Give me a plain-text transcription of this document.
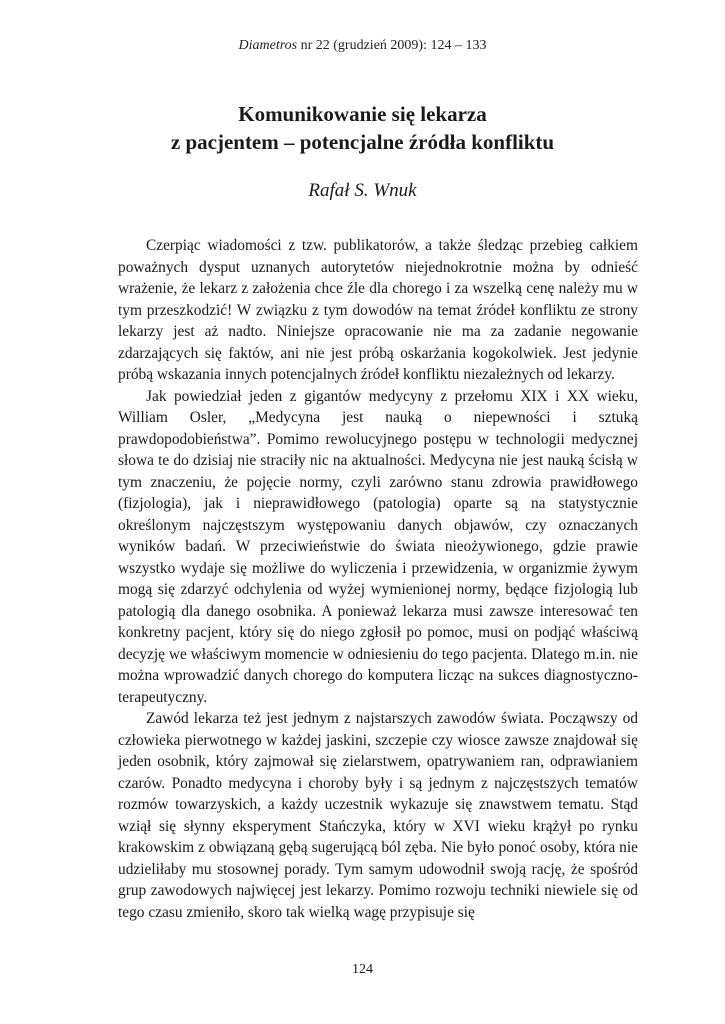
Diametros nr 22 (grudzień 2009): 124 – 133
Komunikowanie się lekarza
z pacjentem – potencjalne źródła konfliktu

Rafał S. Wnuk

Czerpiąc wiadomości z tzw. publikatorów, a także śledząc przebieg całkiem poważnych dysput uznanych autorytetów niejednokrotnie można by odnieść wrażenie, że lekarz z założenia chce źle dla chorego i za wszelką cenę należy mu w tym przeszkodzić! W związku z tym dowodów na temat źródeł konfliktu ze strony lekarzy jest aż nadto. Niniejsze opracowanie nie ma za zadanie negowanie zdarzających się faktów, ani nie jest próbą oskarżania kogokolwiek. Jest jedynie próbą wskazania innych potencjalnych źródeł konfliktu niezależnych od lekarzy.

Jak powiedział jeden z gigantów medycyny z przełomu XIX i XX wieku, William Osler, „Medycyna jest nauką o niepewności i sztuką prawdopodobieństwa”. Pomimo rewolucyjnego postępu w technologii medycznej słowa te do dzisiaj nie straciły nic na aktualności. Medycyna nie jest nauką ścisłą w tym znaczeniu, że pojęcie normy, czyli zarówno stanu zdrowia prawidłowego (fizjologia), jak i nieprawidłowego (patologia) oparte są na statystycznie określonym najczęstszym występowaniu danych objawów, czy oznaczanych wyników badań. W przeciwieństwie do świata nieożywionego, gdzie prawie wszystko wydaje się możliwe do wyliczenia i przewidzenia, w organizmie żywym mogą się zdarzyć odchylenia od wyżej wymienionej normy, będące fizjologią lub patologią dla danego osobnika. A ponieważ lekarza musi zawsze interesować ten konkretny pacjent, który się do niego zgłosił po pomoc, musi on podjąć właściwą decyzję we właściwym momencie w odniesieniu do tego pacjenta. Dlatego m.in. nie można wprowadzić danych chorego do komputera licząc na sukces diagnostyczno-terapeutyczny.

Zawód lekarza też jest jednym z najstarszych zawodów świata. Począwszy od człowieka pierwotnego w każdej jaskini, szczepie czy wiosce zawsze znajdował się jeden osobnik, który zajmował się zielarstwem, opatrywaniem ran, odprawianiem czarów. Ponadto medycyna i choroby były i są jednym z najczęstszych tematów rozmów towarzyskich, a każdy uczestnik wykazuje się znawstwem tematu. Stąd wziął się słynny eksperyment Stańczyka, który w XVI wieku krążył po rynku krakowskim z obwiązaną gębą sugerującą ból zęba. Nie było ponoć osoby, która nie udzieliłaby mu stosownej porady. Tym samym udowodnił swoją rację, że spośród grup zawodowych najwięcej jest lekarzy. Pomimo rozwoju techniki niewiele się od tego czasu zmieniło, skoro tak wielką wagę przypisuje się

124
